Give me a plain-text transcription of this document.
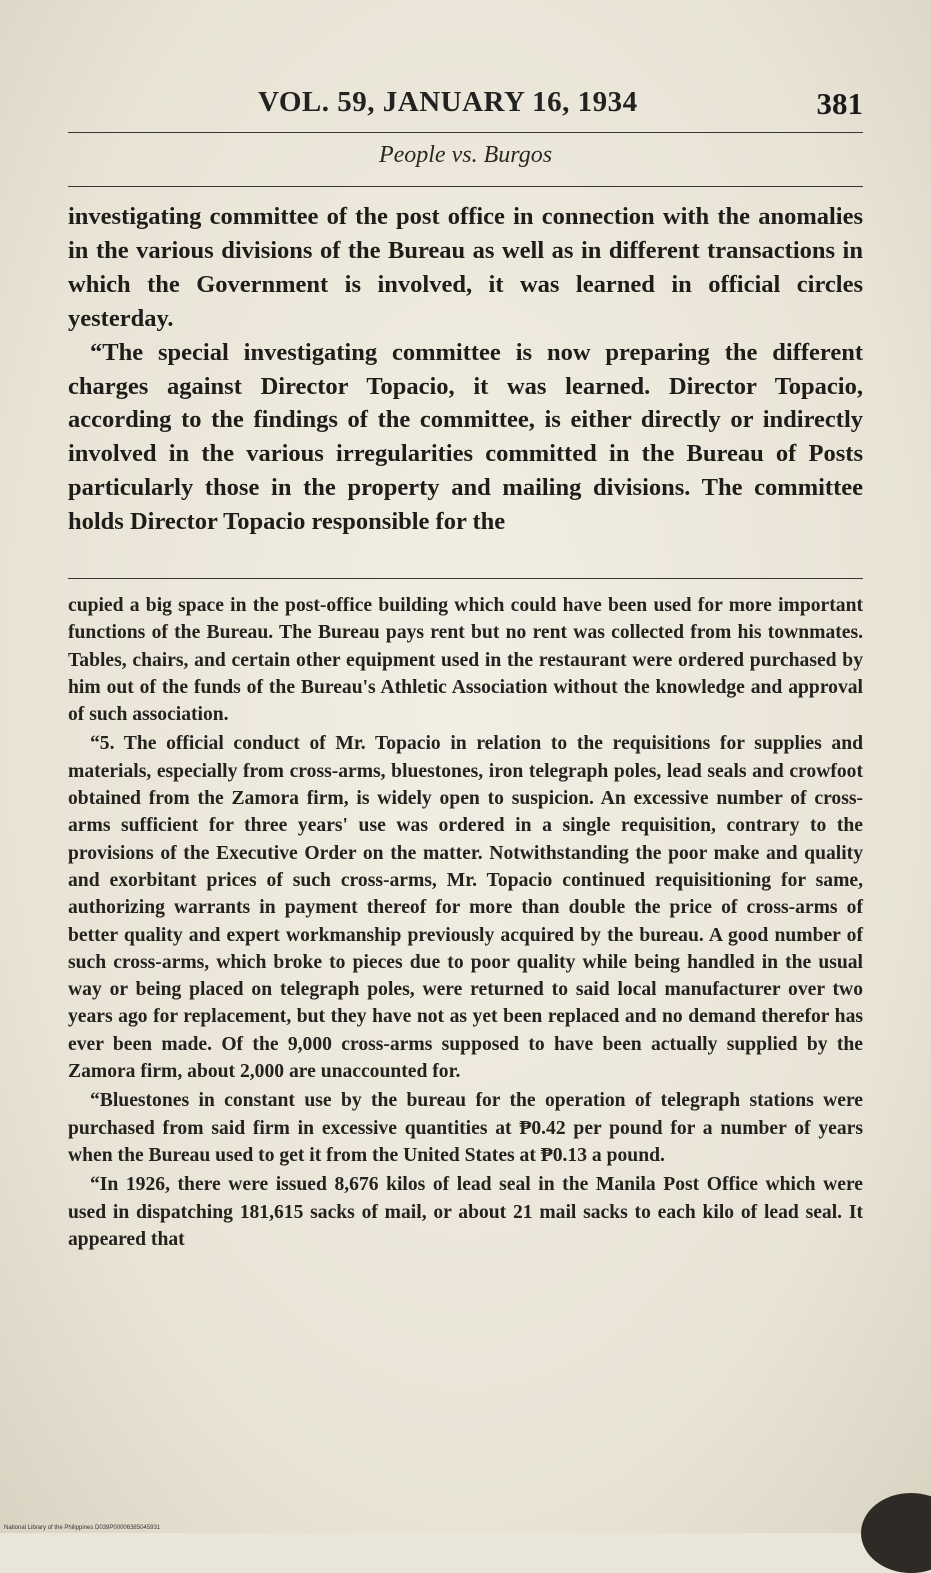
VOL. 59, JANUARY 16, 1934	381
People vs. Burgos

investigating committee of the post office in connection with the anomalies in the various divisions of the Bureau as well as in different transactions in which the Government is involved, it was learned in official circles yesterday.

“The special investigating committee is now preparing the different charges against Director Topacio, it was learned. Director Topacio, according to the findings of the committee, is either directly or indirectly involved in the various irregularities committed in the Bureau of Posts particularly those in the property and mailing divisions. The committee holds Director Topacio responsible for the

cupied a big space in the post-office building which could have been used for more important functions of the Bureau. The Bureau pays rent but no rent was collected from his townmates. Tables, chairs, and certain other equipment used in the restaurant were ordered purchased by him out of the funds of the Bureau's Athletic Association without the knowledge and approval of such association.

“5. The official conduct of Mr. Topacio in relation to the requisitions for supplies and materials, especially from cross-arms, bluestones, iron telegraph poles, lead seals and crowfoot obtained from the Zamora firm, is widely open to suspicion. An excessive number of cross-arms sufficient for three years' use was ordered in a single requisition, contrary to the provisions of the Executive Order on the matter. Notwithstanding the poor make and quality and exorbitant prices of such cross-arms, Mr. Topacio continued requisitioning for same, authorizing warrants in payment thereof for more than double the price of cross-arms of better quality and expert workmanship previously acquired by the bureau. A good number of such cross-arms, which broke to pieces due to poor quality while being handled in the usual way or being placed on telegraph poles, were returned to said local manufacturer over two years ago for replacement, but they have not as yet been replaced and no demand therefor has ever been made. Of the 9,000 cross-arms supposed to have been actually supplied by the Zamora firm, about 2,000 are unaccounted for.

“Bluestones in constant use by the bureau for the operation of telegraph stations were purchased from said firm in excessive quantities at ₱0.42 per pound for a number of years when the Bureau used to get it from the United States at ₱0.13 a pound.

“In 1926, there were issued 8,676 kilos of lead seal in the Manila Post Office which were used in dispatching 181,615 sacks of mail, or about 21 mail sacks to each kilo of lead seal. It appeared that

National Library of the Philippines D039P00006385045931
